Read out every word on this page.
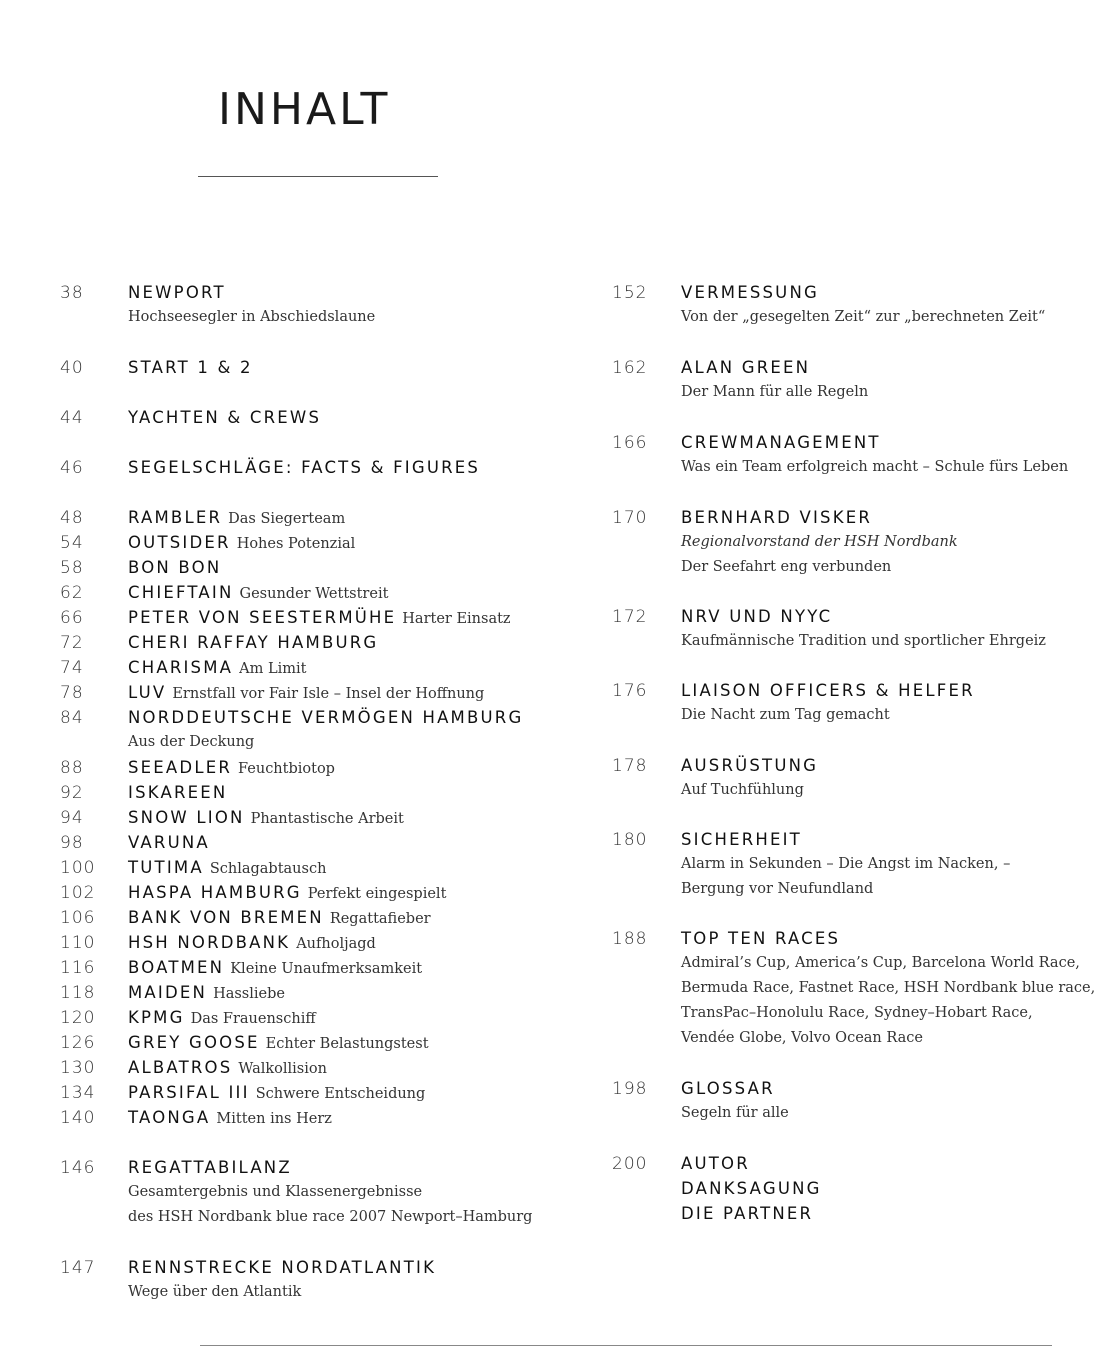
INHALT
38	NEWPORT
Hochseesegler in Abschiedslaune
40	START 1 & 2
44	YACHTEN & CREWS
46	SEGELSCHLÄGE: FACTS & FIGURES
48	RAMBLER Das Siegerteam
54	OUTSIDER Hohes Potenzial
58	BON BON
62	CHIEFTAIN Gesunder Wettstreit
66	PETER VON SEESTERMÜHE Harter Einsatz
72	CHERI RAFFAY HAMBURG
74	CHARISMA Am Limit
78	LUV Ernstfall vor Fair Isle – Insel der Hoffnung
84	NORDDEUTSCHE VERMÖGEN HAMBURG
Aus der Deckung
88	SEEADLER Feuchtbiotop
92	ISKAREEN
94	SNOW LION Phantastische Arbeit
98	VARUNA
100 TUTIMA Schlagabtausch
102 HASPA HAMBURG Perfekt eingespielt
106 BANK VON BREMEN Regattafieber
110 HSH NORDBANK Aufholjagd
116 BOATMEN Kleine Unaufmerksamkeit
118 MAIDEN Hassliebe
120 KPMG Das Frauenschiff
126 GREY GOOSE Echter Belastungstest
130 ALBATROS Walkollision
134 PARSIFAL III Schwere Entscheidung
140 TAONGA Mitten ins Herz
146 REGATTABILANZ
Gesamtergebnis und Klassenergebnisse
des HSH Nordbank blue race 2007 Newport–Hamburg
147 RENNSTRECKE NORDATLANTIK
Wege über den Atlantik
152 VERMESSUNG
Von der „gesegelten Zeit“ zur „berechneten Zeit“
162 ALAN GREEN
Der Mann für alle Regeln
166 CREWMANAGEMENT
Was ein Team erfolgreich macht – Schule fürs Leben
170 BERNHARD VISKER
Regionalvorstand der HSH Nordbank
Der Seefahrt eng verbunden
172 NRV UND NYYC
Kaufmännische Tradition und sportlicher Ehrgeiz
176 LIAISON OFFICERS & HELFER
Die Nacht zum Tag gemacht
178 AUSRÜSTUNG
Auf Tuchfühlung
180 SICHERHEIT
Alarm in Sekunden – Die Angst im Nacken, –
Bergung vor Neufundland
188 TOP TEN RACES
Admiral’s Cup, America’s Cup, Barcelona World Race,
Bermuda Race, Fastnet Race, HSH Nordbank blue race,
TransPac–Honolulu Race, Sydney–Hobart Race,
Vendée Globe, Volvo Ocean Race
198 GLOSSAR
Segeln für alle
200 AUTOR
DANKSAGUNG
DIE PARTNER
